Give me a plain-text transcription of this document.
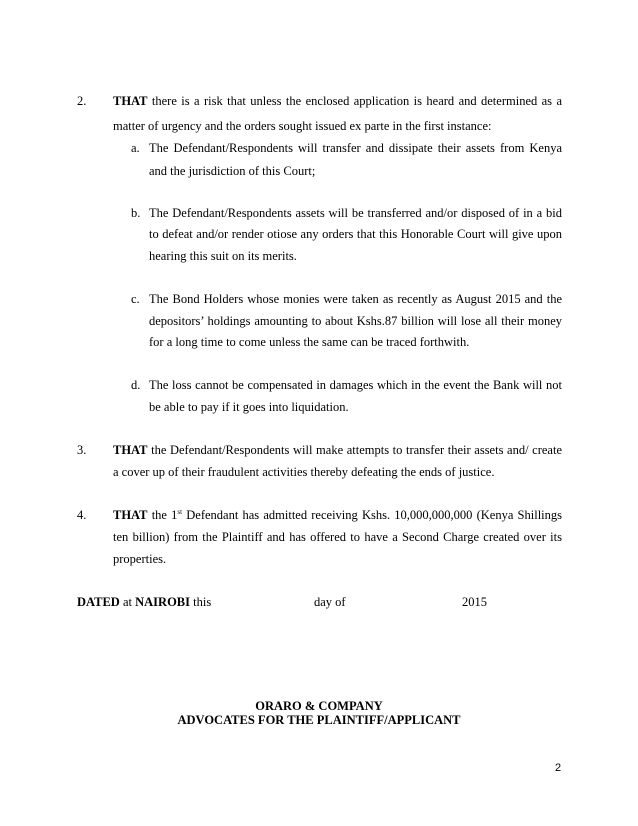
2. THAT there is a risk that unless the enclosed application is heard and determined as a
matter of urgency and the orders sought issued ex parte in the first instance:
a. The Defendant/Respondents will transfer and dissipate their assets from Kenya
and the jurisdiction of this Court;
b. The Defendant/Respondents assets will be transferred and/or disposed of in a bid
to defeat and/or render otiose any orders that this Honorable Court will give upon
hearing this suit on its merits.
c. The Bond Holders whose monies were taken as recently as August 2015 and the
depositors’ holdings amounting to about Kshs.87 billion will lose all their money
for a long time to come unless the same can be traced forthwith.
d. The loss cannot be compensated in damages which in the event the Bank will not
be able to pay if it goes into liquidation.
3. THAT the Defendant/Respondents will make attempts to transfer their assets and/ create
a cover up of their fraudulent activities thereby defeating the ends of justice.
4. THAT the 1st Defendant has admitted receiving Kshs. 10,000,000,000 (Kenya Shillings
ten billion) from the Plaintiff and has offered to have a Second Charge created over its
properties.
DATED at NAIROBI this	day of	2015
ORARO & COMPANY
ADVOCATES FOR THE PLAINTIFF/APPLICANT
2
